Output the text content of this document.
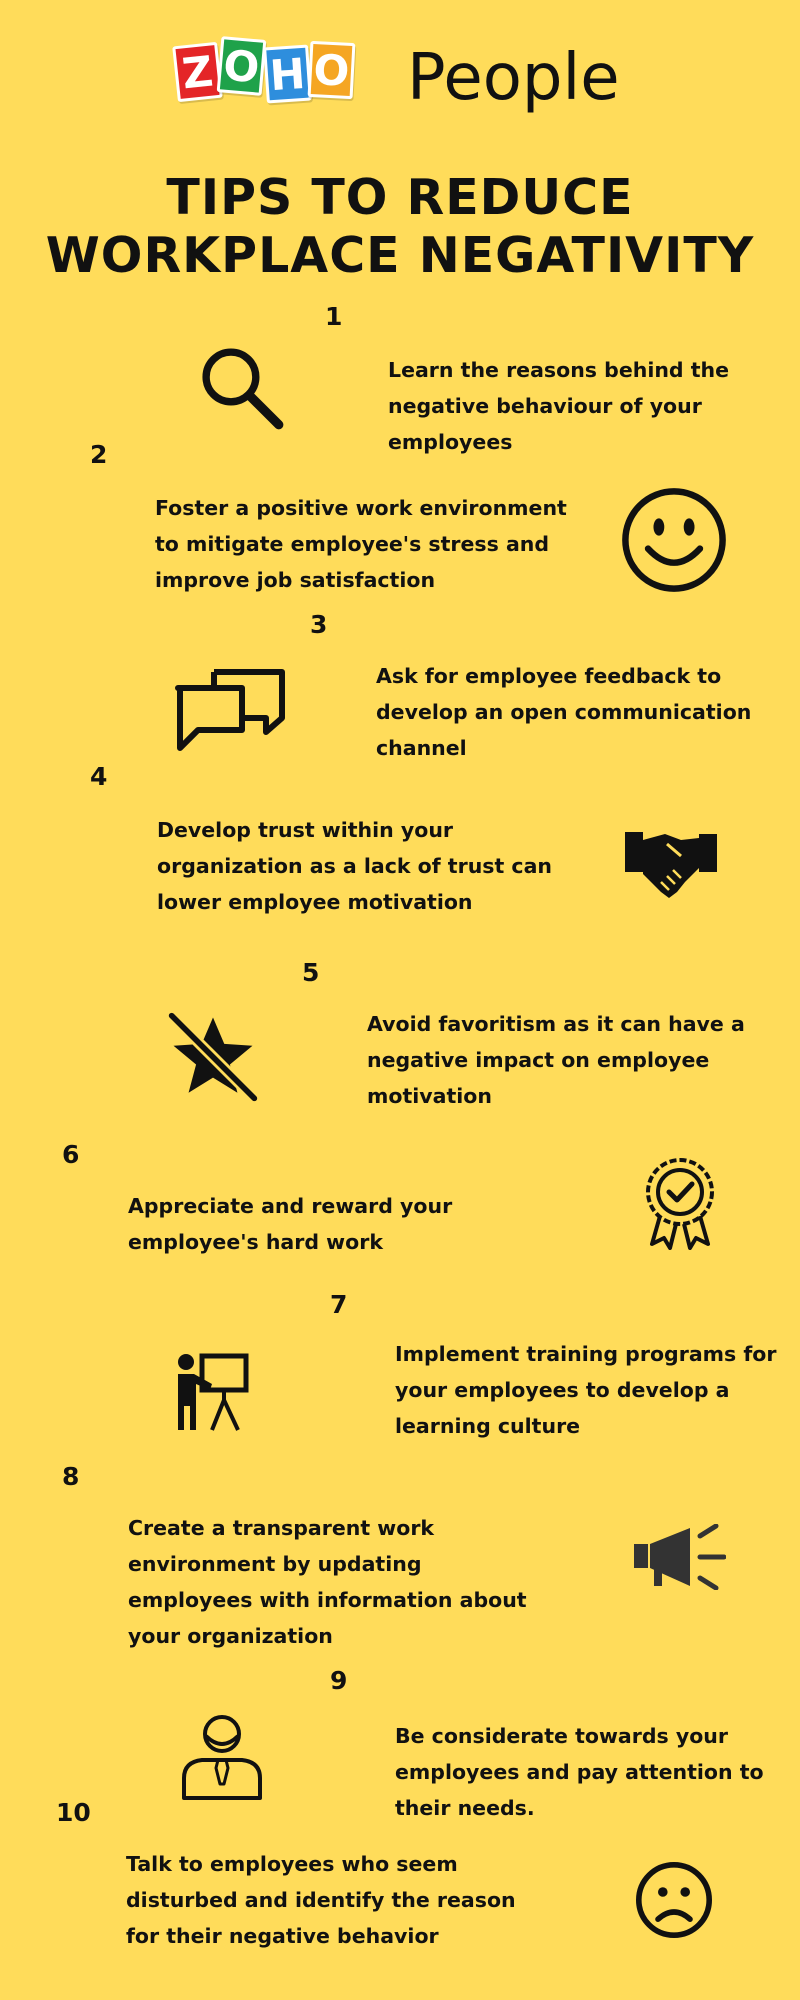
Z O H O People
TIPS TO REDUCE
WORKPLACE NEGATIVITY
1
Learn the reasons behind the negative behaviour of your employees
2
Foster a positive work environment to mitigate employee's stress and improve job satisfaction
3
Ask for employee feedback to develop an open communication channel
4
Develop trust within your organization as a lack of trust can lower employee motivation
5
Avoid favoritism as it can have a negative impact on employee motivation
6
Appreciate and reward your employee's hard work
7
Implement training programs for your employees to develop a learning culture
8
Create a transparent work environment by updating employees with information about your organization
9
Be considerate towards your employees and pay attention to their needs.
10
Talk to employees who seem disturbed and identify the reason for their negative behavior
